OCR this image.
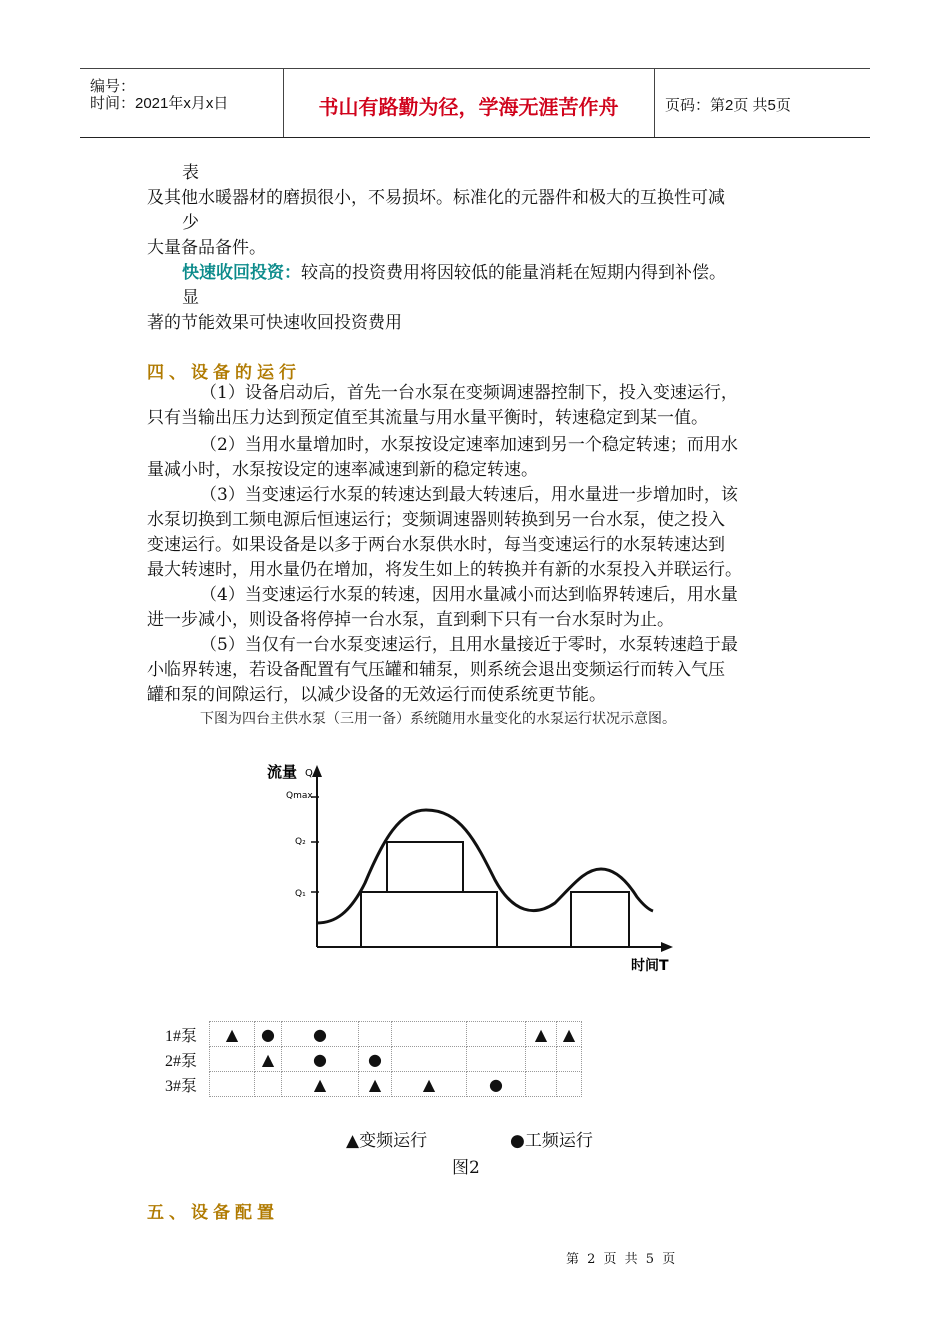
编号：
时间：2021年x月x日	书山有路勤为径，学海无涯苦作舟	页码：第2页 共5页
表
及其他水暖器材的磨损很小，不易损坏。标准化的元器件和极大的互换性可减
少
大量备品备件。
快速收回投资：较高的投资费用将因较低的能量消耗在短期内得到补偿。
显
著的节能效果可快速收回投资费用
四、设备的运行
（1）设备启动后，首先一台水泵在变频调速器控制下，投入变速运行，
只有当输出压力达到预定值至其流量与用水量平衡时，转速稳定到某一值。
（2）当用水量增加时，水泵按设定速率加速到另一个稳定转速；而用水
量减小时，水泵按设定的速率减速到新的稳定转速。
（3）当变速运行水泵的转速达到最大转速后，用水量进一步增加时，该
水泵切换到工频电源后恒速运行；变频调速器则转换到另一台水泵，使之投入
变速运行。如果设备是以多于两台水泵供水时，每当变速运行的水泵转速达到
最大转速时，用水量仍在增加，将发生如上的转换并有新的水泵投入并联运行。
（4）当变速运行水泵的转速，因用水量减小而达到临界转速后，用水量
进一步减小，则设备将停掉一台水泵，直到剩下只有一台水泵时为止。
（5）当仅有一台水泵变速运行，且用水量接近于零时，水泵转速趋于最
小临界转速，若设备配置有气压罐和辅泵，则系统会退出变频运行而转入气压
罐和泵的间隙运行，以减少设备的无效运行而使系统更节能。
下图为四台主供水泵（三用一备）系统随用水量变化的水泵运行状况示意图。
流量 Q
Qmax
Q₂
Q₁
时间T
1#泵	▲	●	●				▲	▲
2#泵		▲	●	●				
3#泵			▲	▲	▲	●		
▲变频运行	●工频运行
图2
五、设备配置
第 2 页 共 5 页
